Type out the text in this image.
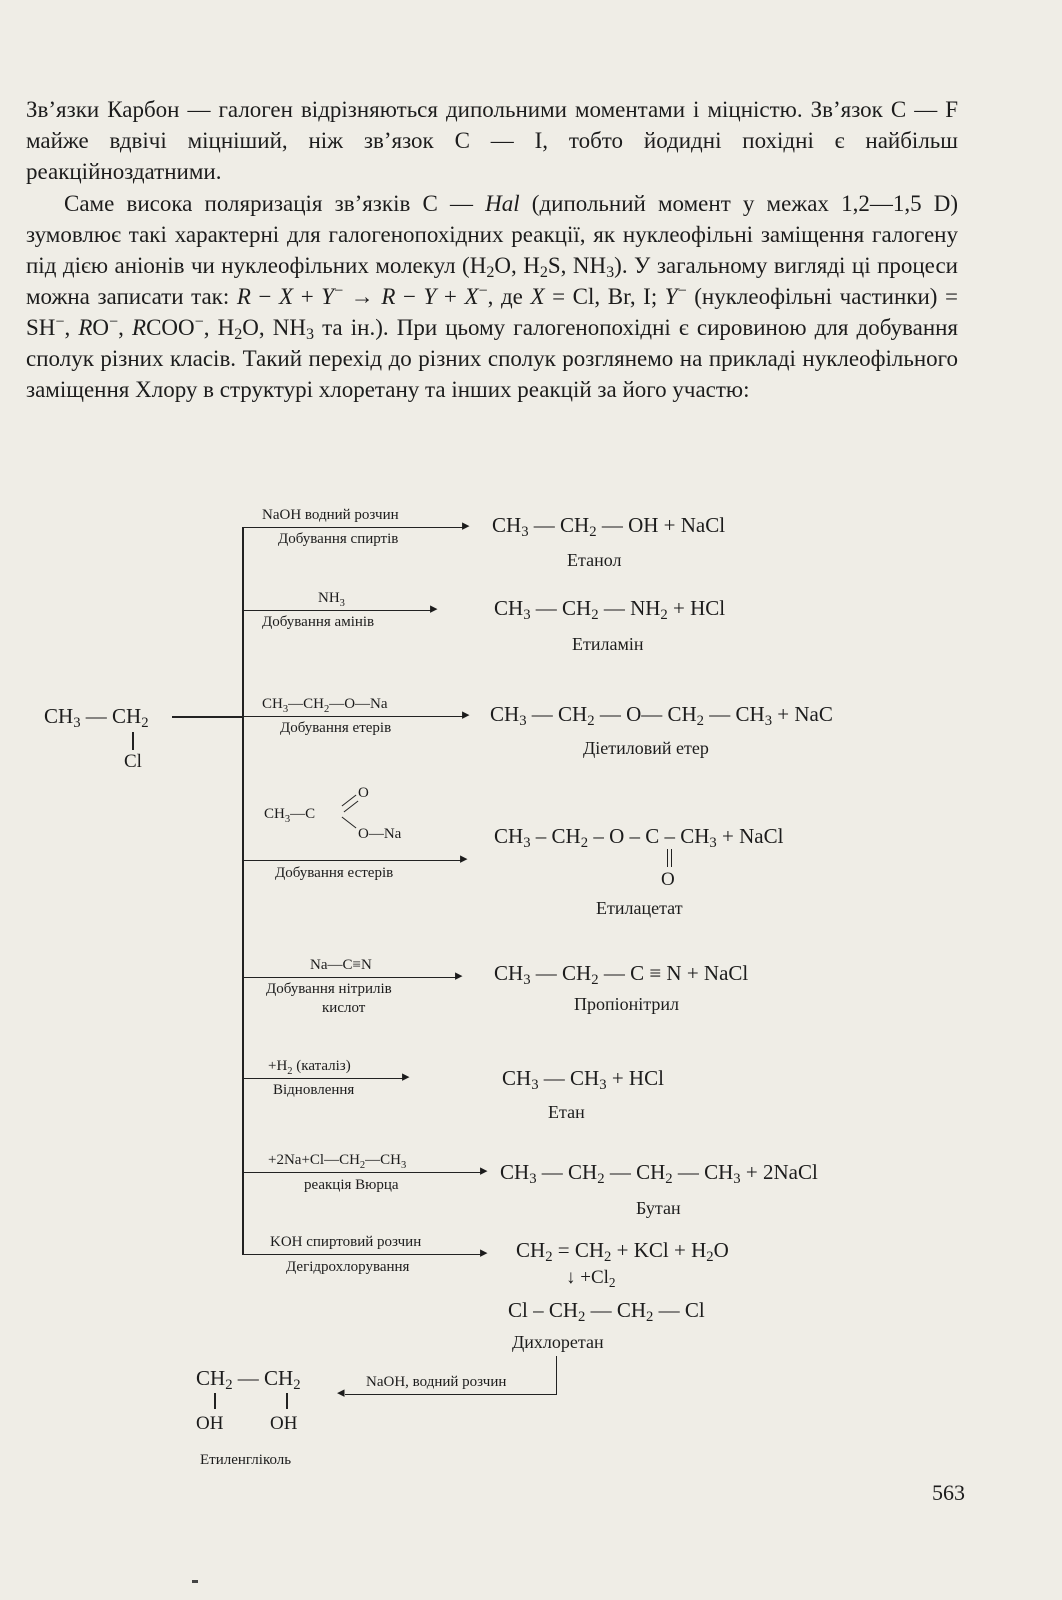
Зв’язки Карбон — галоген відрізняються дипольними моментами і міцністю. Зв’язок C — F майже вдвічі міцніший, ніж зв’язок C — I, тобто йодидні похідні є найбільш реакційноздатними.

Саме висока поляризація зв’язків C — Hal (дипольний момент у межах 1,2—1,5 D) зумовлює такі характерні для галогенопохідних реакції, як нуклеофільні заміщення галогену під дією аніонів чи нуклеофільних молекул ($H_2O$, $H_2S$, $NH_3$). У загальному вигляді ці процеси можна записати так: R − X + Y− → R − Y + X−, де X = Cl, Br, I; Y− (нуклеофільні частинки) = SH−, RO−, RCOO−, $H_2O$, $NH_3$ та ін.). При цьому галогенопохідні є сировиною для добування сполук різних класів. Такий перехід до різних сполук розглянемо на прикладі нуклеофільного заміщення Хлору в структурі хлоретану та інших реакцій за його участю:

$CH_3$ — $CH_2$
Cl
NaOH водний розчин
Добування спиртів
▸ $CH_3$ — $CH_2$ — OH + NaCl
Етанол
$NH_3$
Добування амінів
▸	$CH_3$ — $CH_2$ — $NH_2$ + HCl
Етиламін
$CH_3—CH_2—O—Na$
Добування етерів
▸ $CH_3$ — $CH_2$ — O— $CH_2$ — $CH_3$ + NaC
Діетиловий етер
$CH_3—C$
O
O—Na
Добування естерів
▸
$CH_3 - CH_2$ – O – C – $CH_3$ + NaCl
O
Етилацетат
Na—C≡N
Добування нітрилів
кислот
▸ $CH_3$ — $CH_2$ — C ≡ N + NaCl
Пропіонітрил
$+H_2$ (каталіз)
Відновлення
▸	$CH_3$ — $CH_3$ + HCl
Етан
$+2Na+Cl—CH_2—CH_3$
реакція Вюрца
▸ $CH_3$ — $CH_2$ — $CH_2$ — $CH_3$ + 2NaCl
Бутан
KOH спиртовий розчин
Дегідрохлорування
▸ $CH_2 = CH_2$ + KCl + $H_2O$
↓ $+Cl_2$
Cl – $CH_2$ — $CH_2$ — Cl
Дихлоретан
◂
NaOH, водний розчин
$CH_2$ — $CH_2$
OH OH
Етиленгліколь
563
